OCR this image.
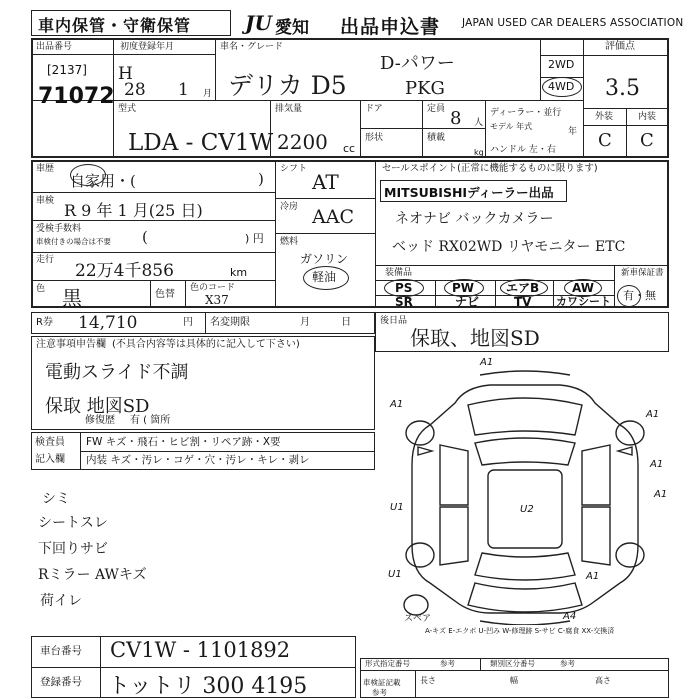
車内保管・守衛保管	JU 愛知 出品申込書 JAPAN USED CAR DEALERS ASSOCIATION
出品番号
[2137]
71072
初度登録年月
H
28 1 月
車名・グレード
デリカ D5
D-パワー
PKG
2WD
4WD
評価点
3.5
外装	内装
C C
型式
LDA - CV1W
排気量
2200 cc
ドア
形状
定員 8 人
積載
kg
ディーラー・並行
モデル 年式
年
ハンドル 左・右
車歴
自家用・(	)
車検 R 9 年 1 月(25 日)
受検手数料
車検付きの場合は不要 (	) 円
走行
22万4千856	km
色 黒	色替
色のコード
X37
シフト
AT
冷房 AAC
燃料
ガソリン
軽油
セールスポイント(正常に機能するものに限ります)
MITSUBISHIディーラー出品
ネオナビ バックカメラー
ベッド RX02WD リヤモニター ETC
装備品
PS	PW	エアB	AW
SR	ナビ	TV カワシート
新車保証書
有・無
R券 14,710	円 名変期限	月 日	後日品
保取、地図SD
注意事項申告欄 (不具合内容等は具体的に記入して下さい)
電動スライド不調
保取 地図SD
修復歴 有 ( 箇所
検査員
記入欄
FW キズ・飛石・ヒビ割・リペア跡・X要
内装 キズ・汚レ・コゲ・穴・汚レ・キレ・剥レ
シミ
シートスレ
下回りサビ
Rミラー AWキズ
荷イレ
A1
A1
U1
U1
U2
A1
A1
A1
A1
A4
スペア
A-キズ E-エクボ U-凹み W-修理跡 S-サビ C-腐食 XX-交換済
車台番号 CV1W - 1101892
登録番号 トットリ 300 4195
形式指定番号	参考	類別区分番号	参考
車検証記載 長さ	幅	高さ
参考
